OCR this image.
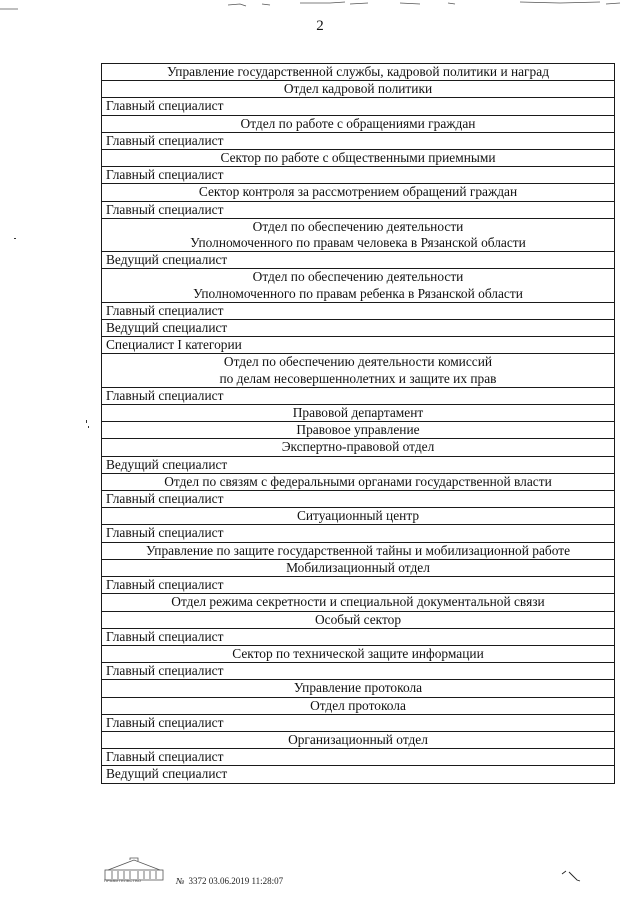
2
Управление государственной службы, кадровой политики и наград

Отдел кадровой политики

Главный специалист

Отдел по работе с обращениями граждан

Главный специалист

Сектор по работе с общественными приемными

Главный специалист

Сектор контроля за рассмотрением обращений граждан

Главный специалист

Отдел по обеспечению деятельности
Уполномоченного по правам человека в Рязанской области

Ведущий специалист

Отдел по обеспечению деятельности
Уполномоченного по правам ребенка в Рязанской области

Главный специалист

Ведущий специалист

Специалист I категории

Отдел по обеспечению деятельности комиссий
по делам несовершеннолетних и защите их прав

Главный специалист

Правовой департамент

Правовое управление

Экспертно-правовой отдел

Ведущий специалист

Отдел по связям с федеральными органами государственной власти

Главный специалист

Ситуационный центр

Главный специалист

Управление по защите государственной тайны и мобилизационной работе

Мобилизационный отдел

Главный специалист

Отдел режима секретности и специальной документальной связи

Особый сектор

Главный специалист

Сектор по технической защите информации

Главный специалист

Управление протокола

Отдел протокола

Главный специалист

Организационный отдел

Главный специалист

Ведущий специалист
ПРАВИТЕЛЬСТВО	№ 3372 03.06.2019 11:28:07
